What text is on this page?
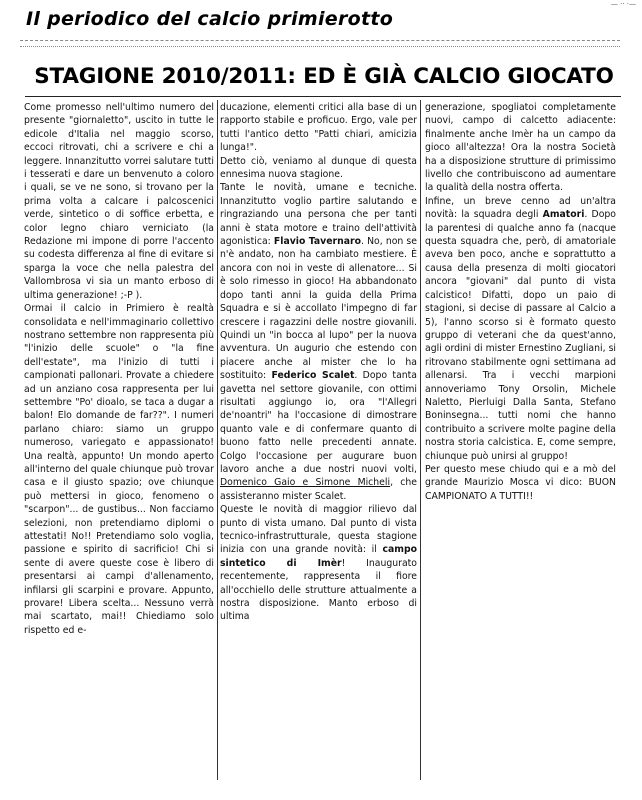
— ·· ·—
Il periodico del calcio primierotto
STAGIONE 2010/2011: ED È GIÀ CALCIO GIOCATO

Come promesso nell'ultimo numero del presente "giornaletto", uscito in tutte le edicole d'Italia nel maggio scorso, eccoci ritrovati, chi a scrivere e chi a leggere. Innanzitutto vorrei salutare tutti i tesserati e dare un benvenuto a coloro i quali, se ve ne sono, si trovano per la prima volta a calcare i palcoscenici verde, sintetico o di soffice erbetta, e color legno chiaro verniciato (la Redazione mi impone di porre l'accento su codesta differenza al fine di evitare si sparga la voce che nella palestra del Vallombrosa vi sia un manto erboso di ultima generazione! ;-P ).

Ormai il calcio in Primiero è realtà consolidata e nell'immaginario collettivo nostrano settembre non rappresenta più "l'inizio delle scuole" o "la fine dell'estate", ma l'inizio di tutti i campionati pallonari. Provate a chiedere ad un anziano cosa rappresenta per lui settembre "Po' dioalo, se taca a dugar a balon! Elo domande de far??". I numeri parlano chiaro: siamo un gruppo numeroso, variegato e appassionato! Una realtà, appunto! Un mondo aperto all'interno del quale chiunque può trovar casa e il giusto spazio; ove chiunque può mettersi in gioco, fenomeno o "scarpon"... de gustibus... Non facciamo selezioni, non pretendiamo diplomi o attestati! No!! Pretendiamo solo voglia, passione e spirito di sacrificio! Chi si sente di avere queste cose è libero di presentarsi ai campi d'allenamento, infilarsi gli scarpini e provare. Appunto, provare! Libera scelta... Nessuno verrà mai scartato, mai!! Chiediamo solo rispetto ed e-

ducazione, elementi critici alla base di un rapporto stabile e proficuo. Ergo, vale per tutti l'antico detto "Patti chiari, amicizia lunga!".

Detto ciò, veniamo al dunque di questa ennesima nuova stagione.

Tante le novità, umane e tecniche. Innanzitutto voglio partire salutando e ringraziando una persona che per tanti anni è stata motore e traino dell'attività agonistica: Flavio Tavernaro. No, non se n'è andato, non ha cambiato mestiere. È ancora con noi in veste di allenatore... Si è solo rimesso in gioco! Ha abbandonato dopo tanti anni la guida della Prima Squadra e si è accollato l'impegno di far crescere i ragazzini delle nostre giovanili. Quindi un "in bocca al lupo" per la nuova avventura. Un augurio che estendo con piacere anche al mister che lo ha sostituito: Federico Scalet. Dopo tanta gavetta nel settore giovanile, con ottimi risultati aggiungo io, ora "l'Allegri de'noantri" ha l'occasione di dimostrare quanto vale e di confermare quanto di buono fatto nelle precedenti annate. Colgo l'occasione per augurare buon lavoro anche a due nostri nuovi volti, Domenico Gaio e Simone Micheli, che assisteranno mister Scalet.

Queste le novità di maggior rilievo dal punto di vista umano. Dal punto di vista tecnico-infrastrutturale, questa stagione inizia con una grande novità: il campo sintetico di Imèr! Inaugurato recentemente, rappresenta il fiore all'occhiello delle strutture attualmente a nostra disposizione. Manto erboso di ultima

generazione, spogliatoi completamente nuovi, campo di calcetto adiacente: finalmente anche Imèr ha un campo da gioco all'altezza! Ora la nostra Società ha a disposizione strutture di primissimo livello che contribuiscono ad aumentare la qualità della nostra offerta.

Infine, un breve cenno ad un'altra novità: la squadra degli Amatori. Dopo la parentesi di qualche anno fa (nacque questa squadra che, però, di amatoriale aveva ben poco, anche e soprattutto a causa della presenza di molti giocatori ancora "giovani" dal punto di vista calcistico! Difatti, dopo un paio di stagioni, si decise di passare al Calcio a 5), l'anno scorso si è formato questo gruppo di veterani che da quest'anno, agli ordini di mister Ernestino Zugliani, si ritrovano stabilmente ogni settimana ad allenarsi. Tra i vecchi marpioni annoveriamo Tony Orsolin, Michele Naletto, Pierluigi Dalla Santa, Stefano Boninsegna... tutti nomi che hanno contribuito a scrivere molte pagine della nostra storia calcistica. E, come sempre, chiunque può unirsi al gruppo!

Per questo mese chiudo qui e a mò del grande Maurizio Mosca vi dico: BUON CAMPIONATO A TUTTI!!
